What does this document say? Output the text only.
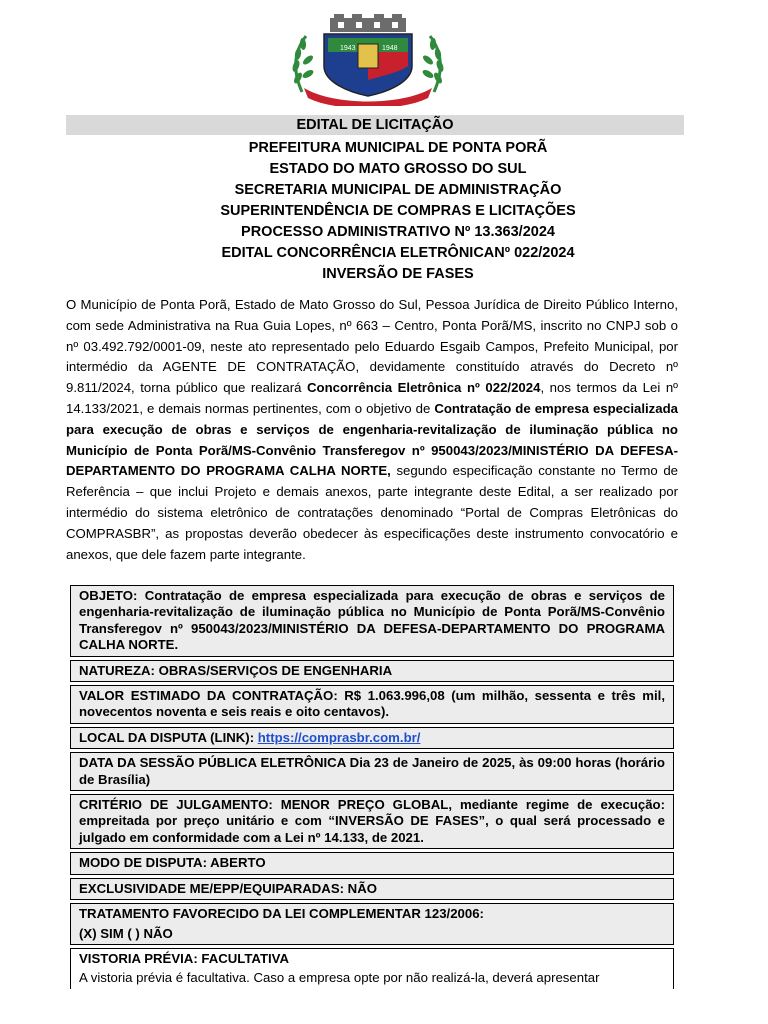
1943	1948
EDITAL DE LICITAÇÃO
PREFEITURA MUNICIPAL DE PONTA PORÃ
ESTADO DO MATO GROSSO DO SUL
SECRETARIA MUNICIPAL DE ADMINISTRAÇÃO
SUPERINTENDÊNCIA DE COMPRAS E LICITAÇÕES
PROCESSO ADMINISTRATIVO Nº 13.363/2024
EDITAL CONCORRÊNCIA ELETRÔNICANº 022/2024
INVERSÃO DE FASES
O Município de Ponta Porã, Estado de Mato Grosso do Sul, Pessoa Jurídica de Direito Público Interno, com sede Administrativa na Rua Guia Lopes, nº 663 – Centro, Ponta Porã/MS, inscrito no CNPJ sob o nº 03.492.792/0001-09, neste ato representado pelo Eduardo Esgaib Campos, Prefeito Municipal, por intermédio da AGENTE DE CONTRATAÇÃO, devidamente constituído através do Decreto nº 9.811/2024, torna público que realizará Concorrência Eletrônica nº 022/2024, nos termos da Lei nº 14.133/2021, e demais normas pertinentes, com o objetivo de Contratação de empresa especializada para execução de obras e serviços de engenharia-revitalização de iluminação pública no Município de Ponta Porã/MS-Convênio Transferegov nº 950043/2023/MINISTÉRIO DA DEFESA-DEPARTAMENTO DO PROGRAMA CALHA NORTE, segundo especificação constante no Termo de Referência – que inclui Projeto e demais anexos, parte integrante deste Edital, a ser realizado por intermédio do sistema eletrônico de contratações denominado “Portal de Compras Eletrônicas do COMPRASBR”, as propostas deverão obedecer às especificações deste instrumento convocatório e anexos, que dele fazem parte integrante.
OBJETO: Contratação de empresa especializada para execução de obras e serviços de engenharia-revitalização de iluminação pública no Município de Ponta Porã/MS-Convênio Transferegov nº 950043/2023/MINISTÉRIO DA DEFESA-DEPARTAMENTO DO PROGRAMA CALHA NORTE.
NATUREZA: OBRAS/SERVIÇOS DE ENGENHARIA
VALOR ESTIMADO DA CONTRATAÇÃO: R$ 1.063.996,08 (um milhão, sessenta e três mil, novecentos noventa e seis reais e oito centavos).
LOCAL DA DISPUTA (LINK): https://comprasbr.com.br/
DATA DA SESSÃO PÚBLICA ELETRÔNICA Dia 23 de Janeiro de 2025, às 09:00 horas (horário de Brasília)
CRITÉRIO DE JULGAMENTO: MENOR PREÇO GLOBAL, mediante regime de execução: empreitada por preço unitário e com “INVERSÃO DE FASES”, o qual será processado e julgado em conformidade com a Lei nº 14.133, de 2021.
MODO DE DISPUTA: ABERTO
EXCLUSIVIDADE ME/EPP/EQUIPARADAS: NÃO
TRATAMENTO FAVORECIDO DA LEI COMPLEMENTAR 123/2006:
(X) SIM ( ) NÃO
VISTORIA PRÉVIA: FACULTATIVA
A vistoria prévia é facultativa. Caso a empresa opte por não realizá-la, deverá apresentar
